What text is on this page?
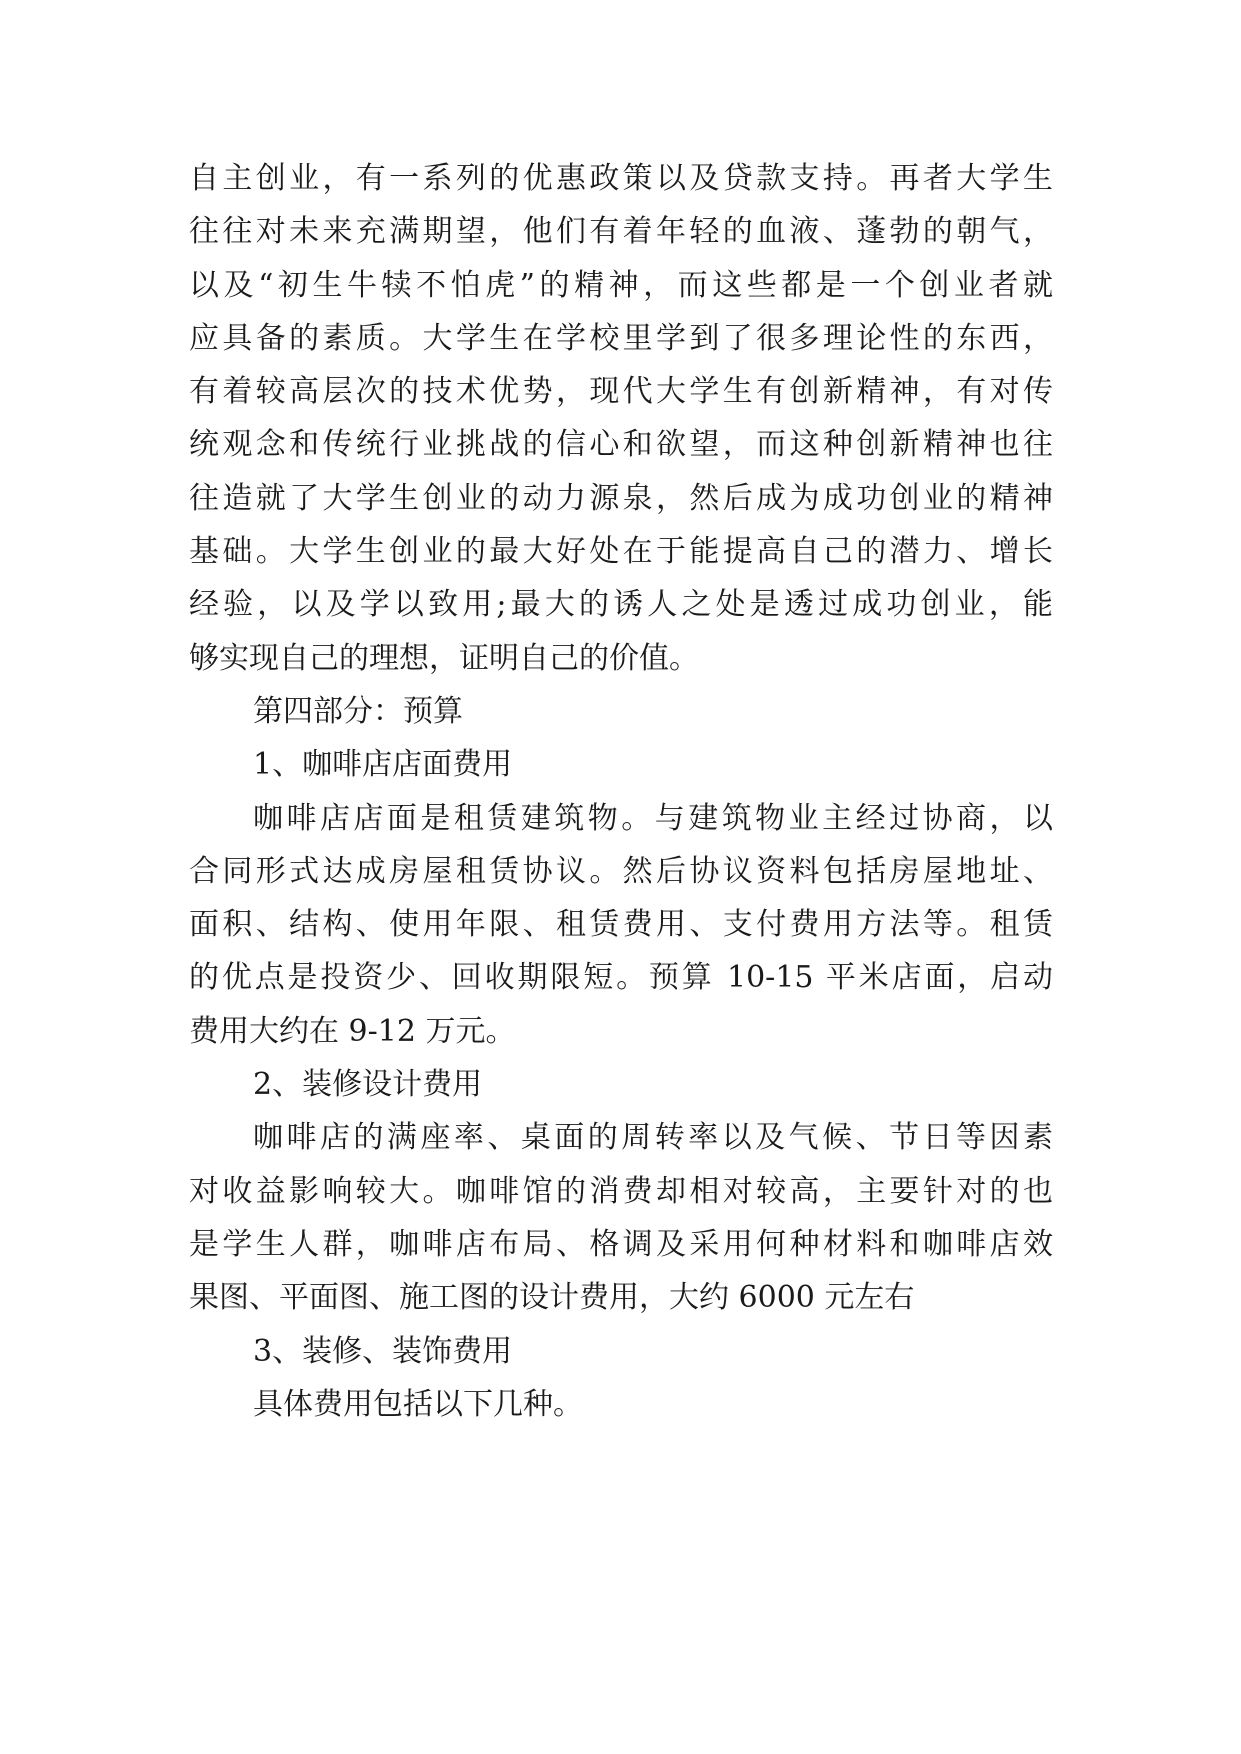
自主创业，有一系列的优惠政策以及贷款支持。再者大学生

往往对未来充满期望，他们有着年轻的血液、蓬勃的朝气，

以及“初生牛犊不怕虎”的精神，而这些都是一个创业者就

应具备的素质。大学生在学校里学到了很多理论性的东西，

有着较高层次的技术优势，现代大学生有创新精神，有对传

统观念和传统行业挑战的信心和欲望，而这种创新精神也往

往造就了大学生创业的动力源泉，然后成为成功创业的精神

基础。大学生创业的最大好处在于能提高自己的潜力、增长

经验，以及学以致用;最大的诱人之处是透过成功创业，能

够实现自己的理想，证明自己的价值。

第四部分：预算

1、咖啡店店面费用

咖啡店店面是租赁建筑物。与建筑物业主经过协商，以

合同形式达成房屋租赁协议。然后协议资料包括房屋地址、

面积、结构、使用年限、租赁费用、支付费用方法等。租赁

的优点是投资少、回收期限短。预算 10-15 平米店面，启动

费用大约在 9-12 万元。

2、装修设计费用

咖啡店的满座率、桌面的周转率以及气候、节日等因素

对收益影响较大。咖啡馆的消费却相对较高，主要针对的也

是学生人群，咖啡店布局、格调及采用何种材料和咖啡店效

果图、平面图、施工图的设计费用，大约 6000 元左右

3、装修、装饰费用

具体费用包括以下几种。
